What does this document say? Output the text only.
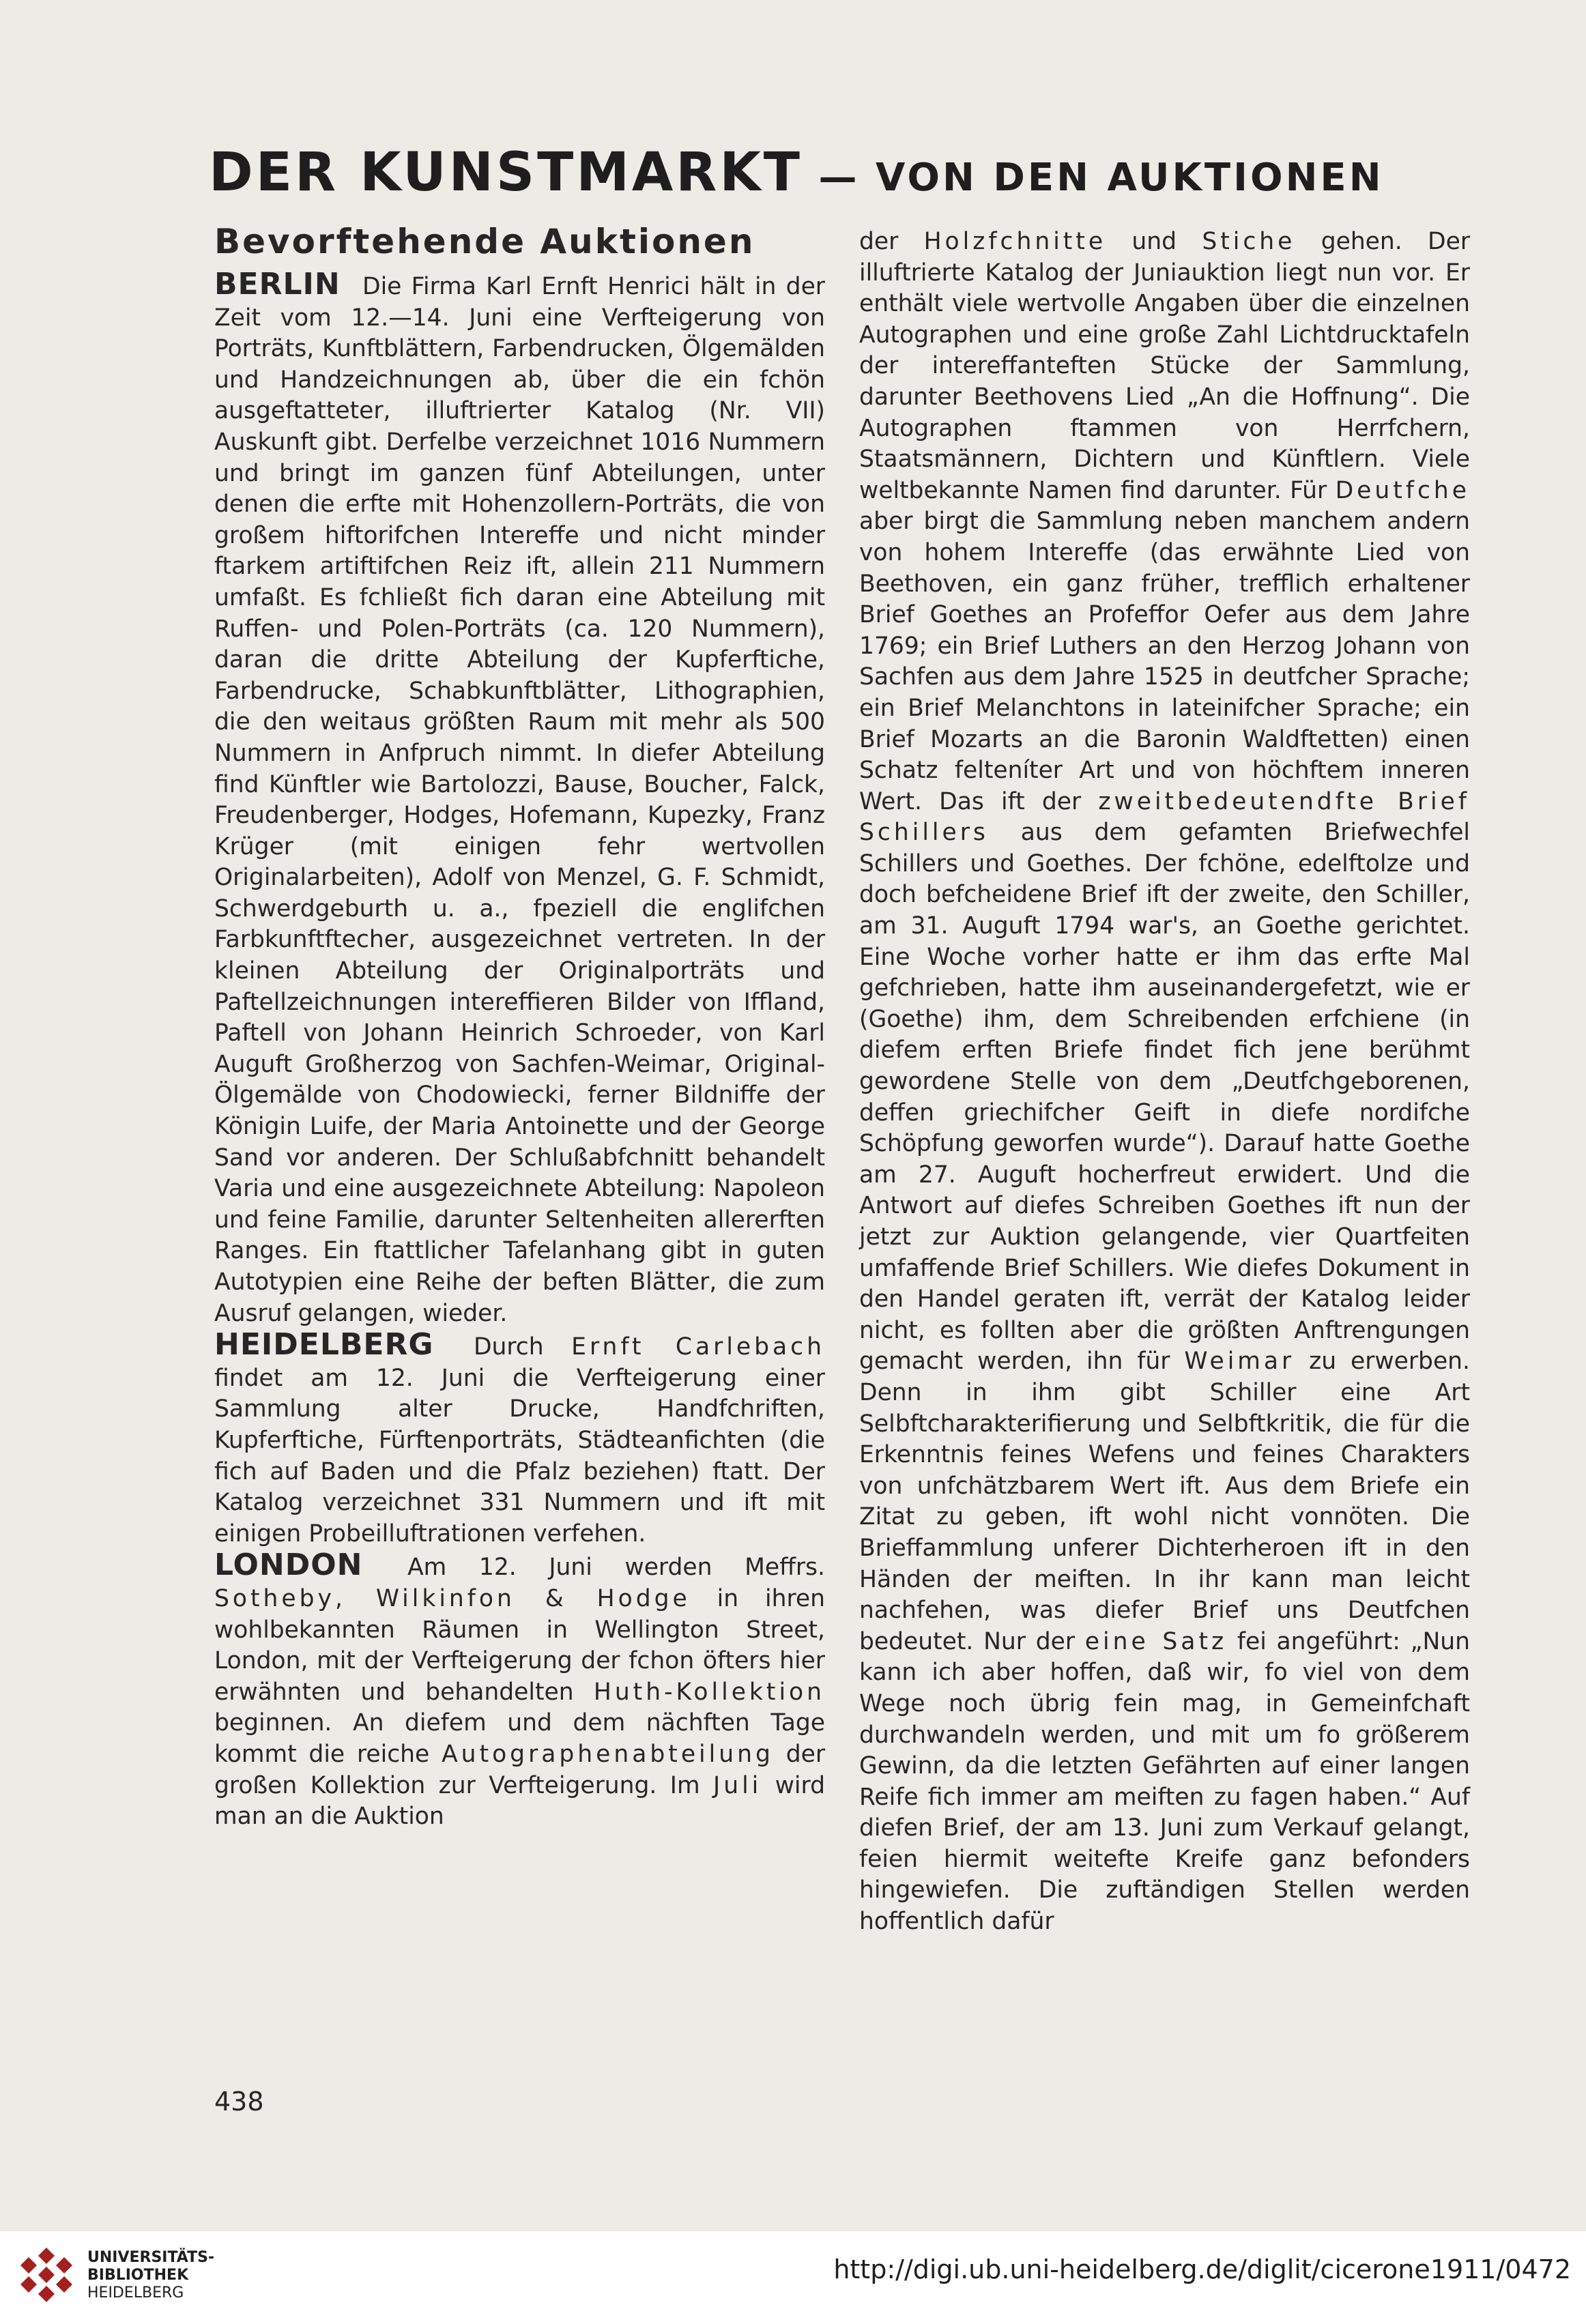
DER KUNSTMARKT — VON DEN AUKTIONEN
Bevorftehende Auktionen

BERLIN Die Firma Karl Ernft Henrici hält in der Zeit vom 12.—14. Juni eine Verfteigerung von Porträts, Kunftblättern, Farbendrucken, Ölgemälden und Handzeichnungen ab, über die ein fchön ausgeftatteter, illuftrierter Katalog (Nr. VII) Auskunft gibt. Derfelbe verzeichnet 1016 Nummern und bringt im ganzen fünf Abteilungen, unter denen die erfte mit Hohenzollern-Porträts, die von großem hiftorifchen Intereffe und nicht minder ftarkem artiftifchen Reiz ift, allein 211 Nummern umfaßt. Es fchließt fich daran eine Abteilung mit Ruffen- und Polen-Porträts (ca. 120 Nummern), daran die dritte Abteilung der Kupferftiche, Farbendrucke, Schabkunftblätter, Lithographien, die den weitaus größten Raum mit mehr als 500 Nummern in Anfpruch nimmt. In diefer Abteilung find Künftler wie Bartolozzi, Bause, Boucher, Falck, Freudenberger, Hodges, Hofemann, Kupezky, Franz Krüger (mit einigen fehr wertvollen Originalarbeiten), Adolf von Menzel, G. F. Schmidt, Schwerdgeburth u. a., fpeziell die englifchen Farbkunftftecher, ausgezeichnet vertreten. In der kleinen Abteilung der Originalporträts und Paftellzeichnungen intereffieren Bilder von Iffland, Paftell von Johann Heinrich Schroeder, von Karl Auguft Großherzog von Sachfen-Weimar, Original-Ölgemälde von Chodowiecki, ferner Bildniffe der Königin Luife, der Maria Antoinette und der George Sand vor anderen. Der Schlußabfchnitt behandelt Varia und eine ausgezeichnete Abteilung: Napoleon und feine Familie, darunter Seltenheiten allererften Ranges. Ein ftattlicher Tafelanhang gibt in guten Autotypien eine Reihe der beften Blätter, die zum Ausruf gelangen, wieder.

HEIDELBERG Durch Ernft Carlebach findet am 12. Juni die Verfteigerung einer Sammlung alter Drucke, Handfchriften, Kupferftiche, Fürftenporträts, Städteanfichten (die fich auf Baden und die Pfalz beziehen) ftatt. Der Katalog verzeichnet 331 Nummern und ift mit einigen Probeilluftrationen verfehen.

LONDON Am 12. Juni werden Meffrs. Sotheby, Wilkinfon & Hodge in ihren wohlbekannten Räumen in Wellington Street, London, mit der Verfteigerung der fchon öfters hier erwähnten und behandelten Huth-Kollektion beginnen. An diefem und dem nächften Tage kommt die reiche Autographenabteilung der großen Kollektion zur Verfteigerung. Im Juli wird man an die Auktion

der Holzfchnitte und Stiche gehen. Der illuftrierte Katalog der Juniauktion liegt nun vor. Er enthält viele wertvolle Angaben über die einzelnen Autographen und eine große Zahl Lichtdrucktafeln der intereffanteften Stücke der Sammlung, darunter Beethovens Lied „An die Hoffnung“. Die Autographen ftammen von Herrfchern, Staatsmännern, Dichtern und Künftlern. Viele weltbekannte Namen find darunter. Für Deutfche aber birgt die Sammlung neben manchem andern von hohem Intereffe (das erwähnte Lied von Beethoven, ein ganz früher, trefflich erhaltener Brief Goethes an Profeffor Oefer aus dem Jahre 1769; ein Brief Luthers an den Herzog Johann von Sachfen aus dem Jahre 1525 in deutfcher Sprache; ein Brief Melanchtons in lateinifcher Sprache; ein Brief Mozarts an die Baronin Waldftetten) einen Schatz felteníter Art und von höchftem inneren Wert. Das ift der zweitbedeutendfte Brief Schillers aus dem gefamten Briefwechfel Schillers und Goethes. Der fchöne, edelftolze und doch befcheidene Brief ift der zweite, den Schiller, am 31. Auguft 1794 war's, an Goethe gerichtet. Eine Woche vorher hatte er ihm das erfte Mal gefchrieben, hatte ihm auseinandergefetzt, wie er (Goethe) ihm, dem Schreibenden erfchiene (in diefem erften Briefe findet fich jene berühmt gewordene Stelle von dem „Deutfchgeborenen, deffen griechifcher Geift in diefe nordifche Schöpfung geworfen wurde“). Darauf hatte Goethe am 27. Auguft hocherfreut erwidert. Und die Antwort auf diefes Schreiben Goethes ift nun der jetzt zur Auktion gelangende, vier Quartfeiten umfaffende Brief Schillers. Wie diefes Dokument in den Handel geraten ift, verrät der Katalog leider nicht, es follten aber die größten Anftrengungen gemacht werden, ihn für Weimar zu erwerben. Denn in ihm gibt Schiller eine Art Selbftcharakterifierung und Selbftkritik, die für die Erkenntnis feines Wefens und feines Charakters von unfchätzbarem Wert ift. Aus dem Briefe ein Zitat zu geben, ift wohl nicht vonnöten. Die Brieffammlung unferer Dichterheroen ift in den Händen der meiften. In ihr kann man leicht nachfehen, was diefer Brief uns Deutfchen bedeutet. Nur der eine Satz fei angeführt: „Nun kann ich aber hoffen, daß wir, fo viel von dem Wege noch übrig fein mag, in Gemeinfchaft durchwandeln werden, und mit um fo größerem Gewinn, da die letzten Gefährten auf einer langen Reife fich immer am meiften zu fagen haben.“ Auf diefen Brief, der am 13. Juni zum Verkauf gelangt, feien hiermit weitefte Kreife ganz befonders hingewiefen. Die zuftändigen Stellen werden hoffentlich dafür

438
UNIVERSITÄTS-
BIBLIOTHEK
HEIDELBERG
http://digi.ub.uni-heidelberg.de/diglit/cicerone1911/0472
